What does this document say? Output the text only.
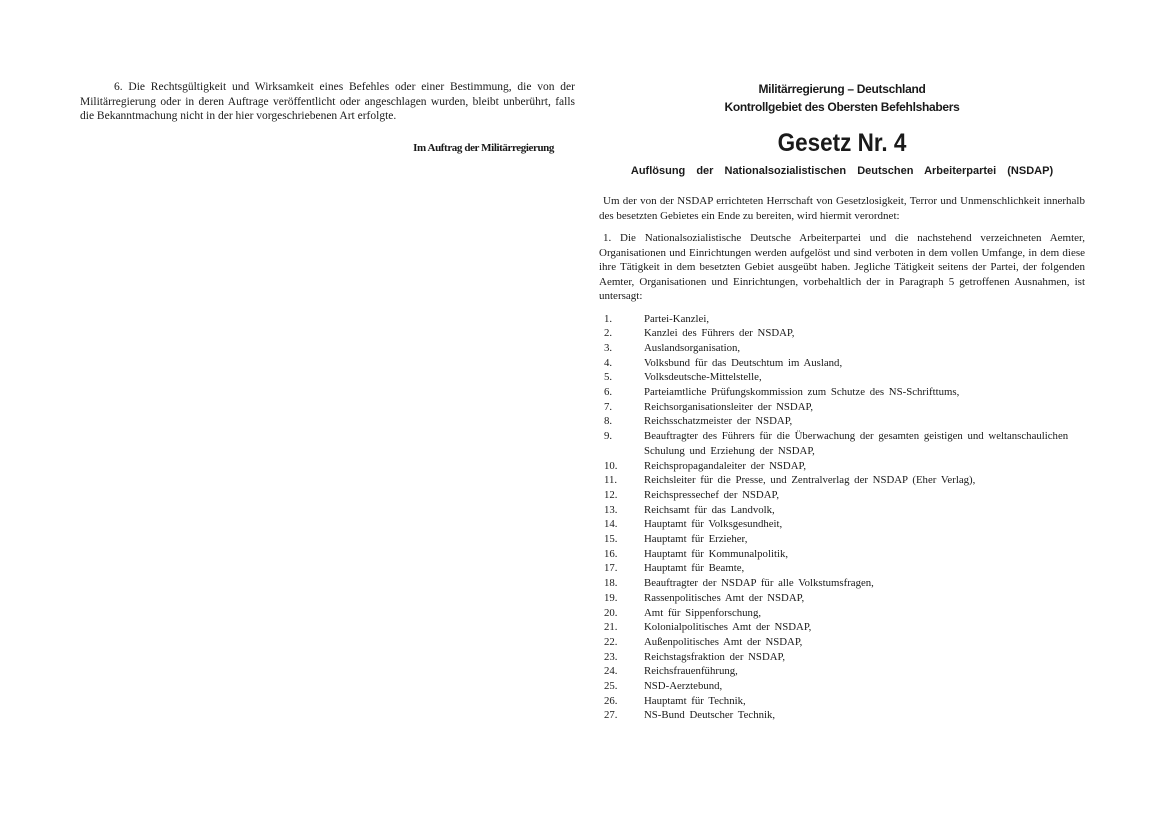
6. Die Rechtsgültigkeit und Wirksamkeit eines Befehles oder einer Bestimmung, die von der Militärregierung oder in deren Auftrage veröffentlicht oder angeschlagen wurden, bleibt unberührt, falls die Bekanntmachung nicht in der hier vorgeschriebenen Art erfolgte.

Im Auftrag der Militärregierung

Militärregierung – Deutschland

Kontrollgebiet des Obersten Befehlshabers

Gesetz Nr. 4

Auflösung der Nationalsozialistischen Deutschen Arbeiterpartei (NSDAP)

Um der von der NSDAP errichteten Herrschaft von Gesetzlosigkeit, Terror und Unmenschlichkeit innerhalb des besetzten Gebietes ein Ende zu bereiten, wird hiermit verordnet:

1. Die Nationalsozialistische Deutsche Arbeiterpartei und die nachstehend verzeichneten Aemter, Organisationen und Einrichtungen werden aufgelöst und sind verboten in dem vollen Umfange, in dem diese ihre Tätigkeit in dem besetzten Gebiet ausgeübt haben. Jegliche Tätigkeit seitens der Partei, der folgenden Aemter, Organisationen und Einrichtungen, vorbehaltlich der in Paragraph 5 getroffenen Ausnahmen, ist untersagt:

1.	Partei-Kanzlei,
2.	Kanzlei des Führers der NSDAP,
3.	Auslandsorganisation,
4.	Volksbund für das Deutschtum im Ausland,
5.	Volksdeutsche-Mittelstelle,
6.	Parteiamtliche Prüfungskommission zum Schutze des NS-Schrifttums,
7.	Reichsorganisationsleiter der NSDAP,
8.	Reichsschatzmeister der NSDAP,
9.	Beauftragter des Führers für die Überwachung der gesamten geistigen und weltanschaulichen Schulung und Erziehung der NSDAP,
10.	Reichspropagandaleiter der NSDAP,
11.	Reichsleiter für die Presse, und Zentralverlag der NSDAP (Eher Verlag),
12.	Reichspressechef der NSDAP,
13.	Reichsamt für das Landvolk,
14.	Hauptamt für Volksgesundheit,
15.	Hauptamt für Erzieher,
16.	Hauptamt für Kommunalpolitik,
17.	Hauptamt für Beamte,
18.	Beauftragter der NSDAP für alle Volkstumsfragen,
19.	Rassenpolitisches Amt der NSDAP,
20.	Amt für Sippenforschung,
21.	Kolonialpolitisches Amt der NSDAP,
22.	Außenpolitisches Amt der NSDAP,
23.	Reichstagsfraktion der NSDAP,
24.	Reichsfrauenführung,
25.	NSD-Aerztebund,
26.	Hauptamt für Technik,
27.	NS-Bund Deutscher Technik,
